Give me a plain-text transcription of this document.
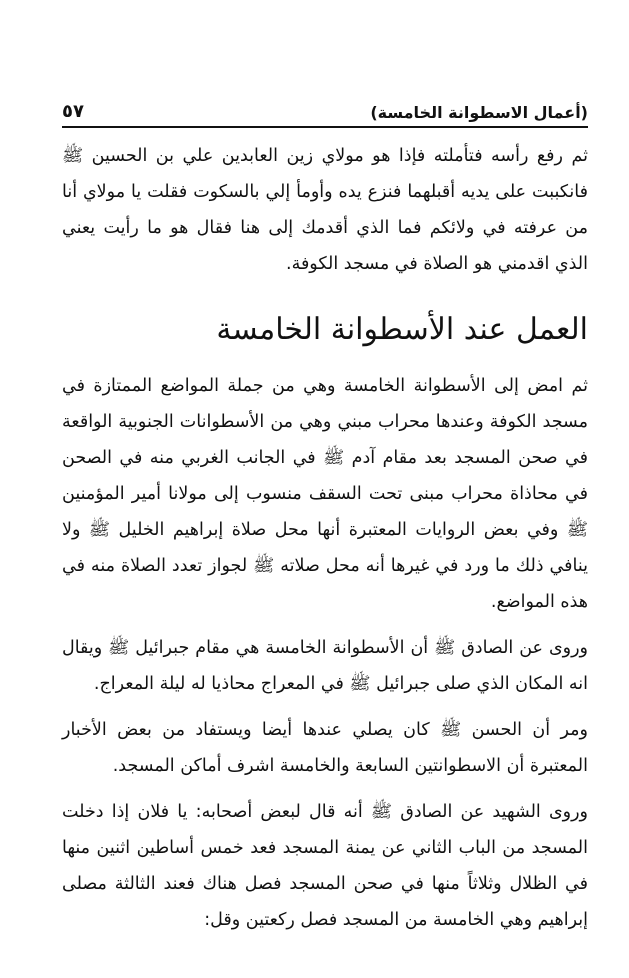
(أعمال الاسطوانة الخامسة)
٥٧

ثم رفع رأسه فتأملته فإذا هو مولاي زين العابدين علي بن الحسين ﷺ فانكببت على يديه أقبلهما فنزع يده وأومأ إلي بالسكوت فقلت يا مولاي أنا من عرفته في ولائكم فما الذي أقدمك إلى هنا فقال هو ما رأيت يعني الذي اقدمني هو الصلاة في مسجد الكوفة.

العمل عند الأسطوانة الخامسة

ثم امض إلى الأسطوانة الخامسة وهي من جملة المواضع الممتازة في مسجد الكوفة وعندها محراب مبني وهي من الأسطوانات الجنوبية الواقعة في صحن المسجد بعد مقام آدم ﷺ في الجانب الغربي منه في الصحن في محاذاة محراب مبنى تحت السقف منسوب إلى مولانا أمير المؤمنين ﷺ وفي بعض الروايات المعتبرة أنها محل صلاة إبراهيم الخليل ﷺ ولا ينافي ذلك ما ورد في غيرها أنه محل صلاته ﷺ لجواز تعدد الصلاة منه في هذه المواضع.

وروى عن الصادق ﷺ أن الأسطوانة الخامسة هي مقام جبرائيل ﷺ ويقال انه المكان الذي صلى جبرائيل ﷺ في المعراج محاذيا له ليلة المعراج.

ومر أن الحسن ﷺ كان يصلي عندها أيضا ويستفاد من بعض الأخبار المعتبرة أن الاسطوانتين السابعة والخامسة اشرف أماكن المسجد.

وروى الشهيد عن الصادق ﷺ أنه قال لبعض أصحابه: يا فلان إذا دخلت المسجد من الباب الثاني عن يمنة المسجد فعد خمس أساطين اثنين منها في الظلال وثلاثاً منها في صحن المسجد فصل هناك فعند الثالثة مصلى إبراهيم وهي الخامسة من المسجد فصل ركعتين وقل:
